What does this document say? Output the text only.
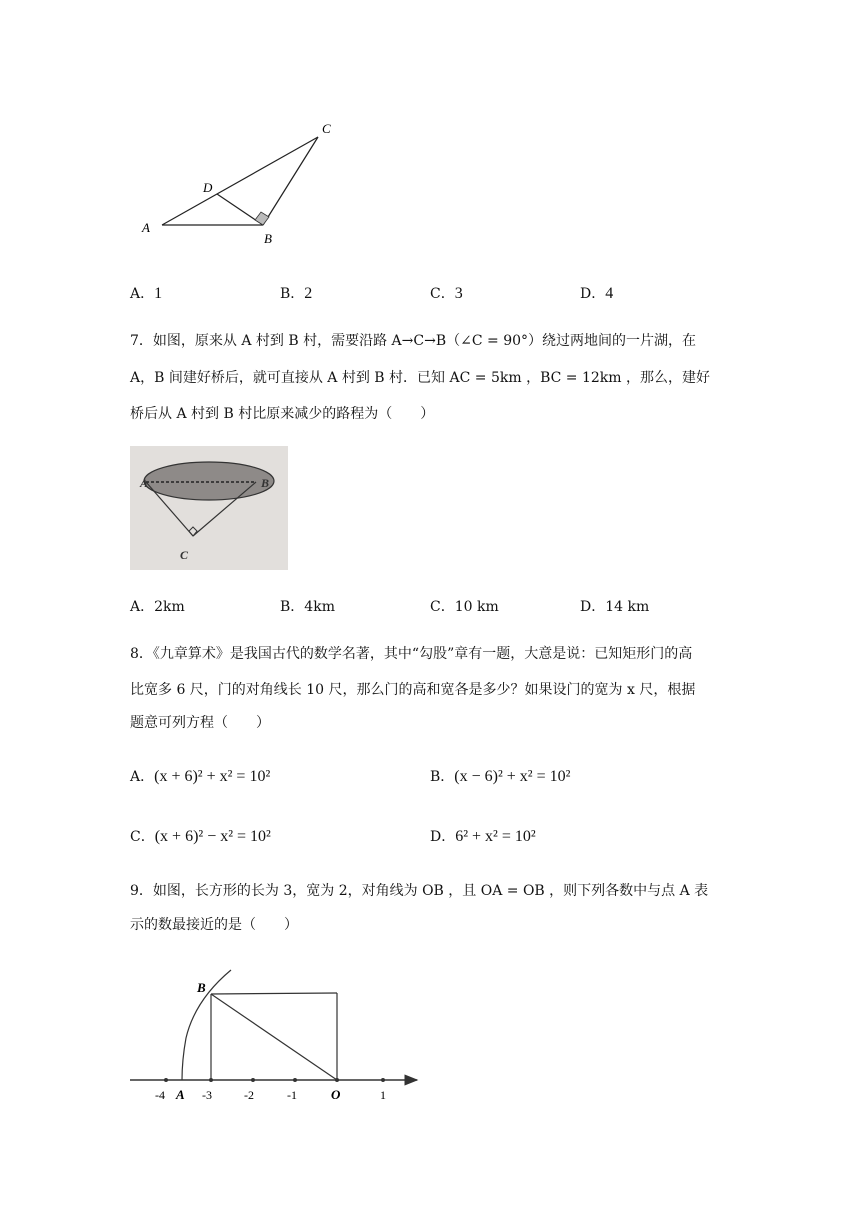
A
B
C
D
A．1	B．2	C．3	D．4
7．如图，原来从 A 村到 B 村，需要沿路 A→C→B（∠C = 90°）绕过两地间的一片湖，在
A，B 间建好桥后，就可直接从 A 村到 B 村．已知 AC = 5km ，BC = 12km ，那么，建好
桥后从 A 村到 B 村比原来减少的路程为（　　）
A	B
C
A．2km	B．4km	C．10 km	D．14 km
8．《九章算术》是我国古代的数学名著，其中“勾股”章有一题，大意是说：已知矩形门的高
比宽多 6 尺，门的对角线长 10 尺，那么门的高和宽各是多少？如果设门的宽为 x 尺，根据
题意可列方程（　　）
A．(x + 6)² + x² = 10²	B．(x − 6)² + x² = 10²
C．(x + 6)² − x² = 10²	D．6² + x² = 10²
9．如图，长方形的长为 3，宽为 2，对角线为 OB ，且 OA = OB ，则下列各数中与点 A 表
示的数最接近的是（　　）
B
-4 A -3	-2	-1	O	1
